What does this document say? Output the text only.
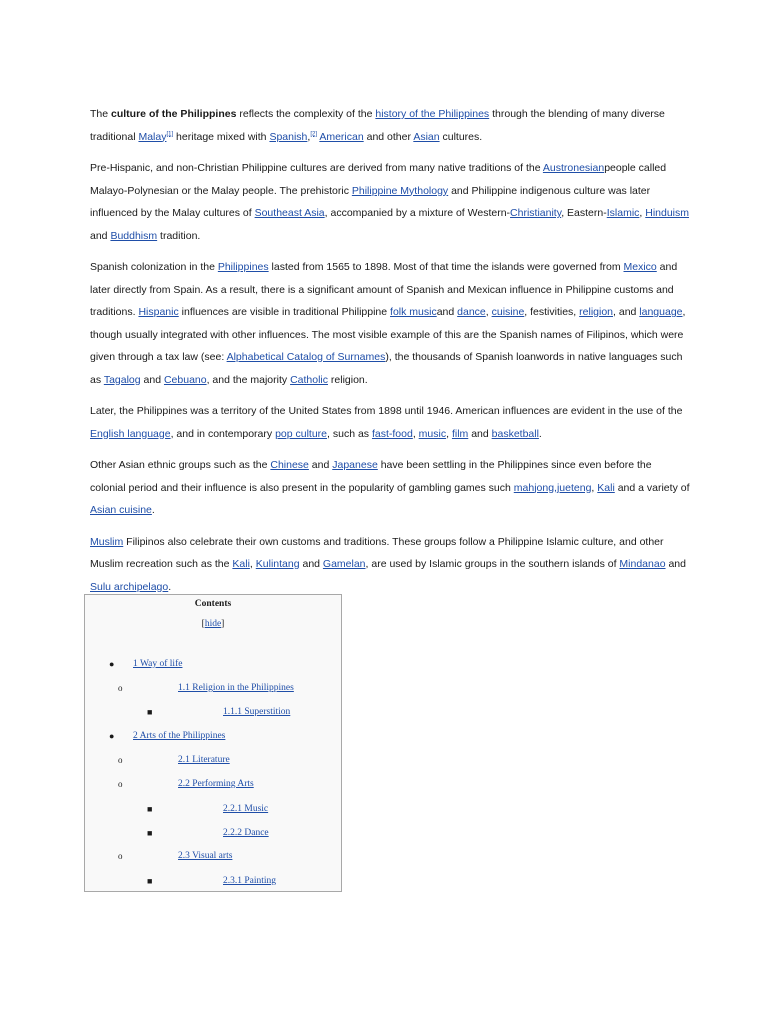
The culture of the Philippines reflects the complexity of the history of the Philippines through the blending of many diverse traditional Malay[1] heritage mixed with Spanish,[2] American and other Asian cultures.

Pre-Hispanic, and non-Christian Philippine cultures are derived from many native traditions of the Austronesianpeople called Malayo-Polynesian or the Malay people. The prehistoric Philippine Mythology and Philippine indigenous culture was later influenced by the Malay cultures of Southeast Asia, accompanied by a mixture of Western-Christianity, Eastern-Islamic, Hinduism and Buddhism tradition.

Spanish colonization in the Philippines lasted from 1565 to 1898. Most of that time the islands were governed from Mexico and later directly from Spain. As a result, there is a significant amount of Spanish and Mexican influence in Philippine customs and traditions. Hispanic influences are visible in traditional Philippine folk musicand dance, cuisine, festivities, religion, and language, though usually integrated with other influences. The most visible example of this are the Spanish names of Filipinos, which were given through a tax law (see: Alphabetical Catalog of Surnames), the thousands of Spanish loanwords in native languages such as Tagalog and Cebuano, and the majority Catholic religion.

Later, the Philippines was a territory of the United States from 1898 until 1946. American influences are evident in the use of the English language, and in contemporary pop culture, such as fast-food, music, film and basketball.

Other Asian ethnic groups such as the Chinese and Japanese have been settling in the Philippines since even before the colonial period and their influence is also present in the popularity of gambling games such mahjong,jueteng, Kali and a variety of Asian cuisine.

Muslim Filipinos also celebrate their own customs and traditions. These groups follow a Philippine Islamic culture, and other Muslim recreation such as the Kali, Kulintang and Gamelan, are used by Islamic groups in the southern islands of Mindanao and Sulu archipelago.

Contents
[hide]
● 1 Way of life
o	1.1 Religion in the Philippines
■	1.1.1 Superstition
● 2 Arts of the Philippines
o	2.1 Literature
o	2.2 Performing Arts
■	2.2.1 Music
■	2.2.2 Dance
o	2.3 Visual arts
■	2.3.1 Painting
